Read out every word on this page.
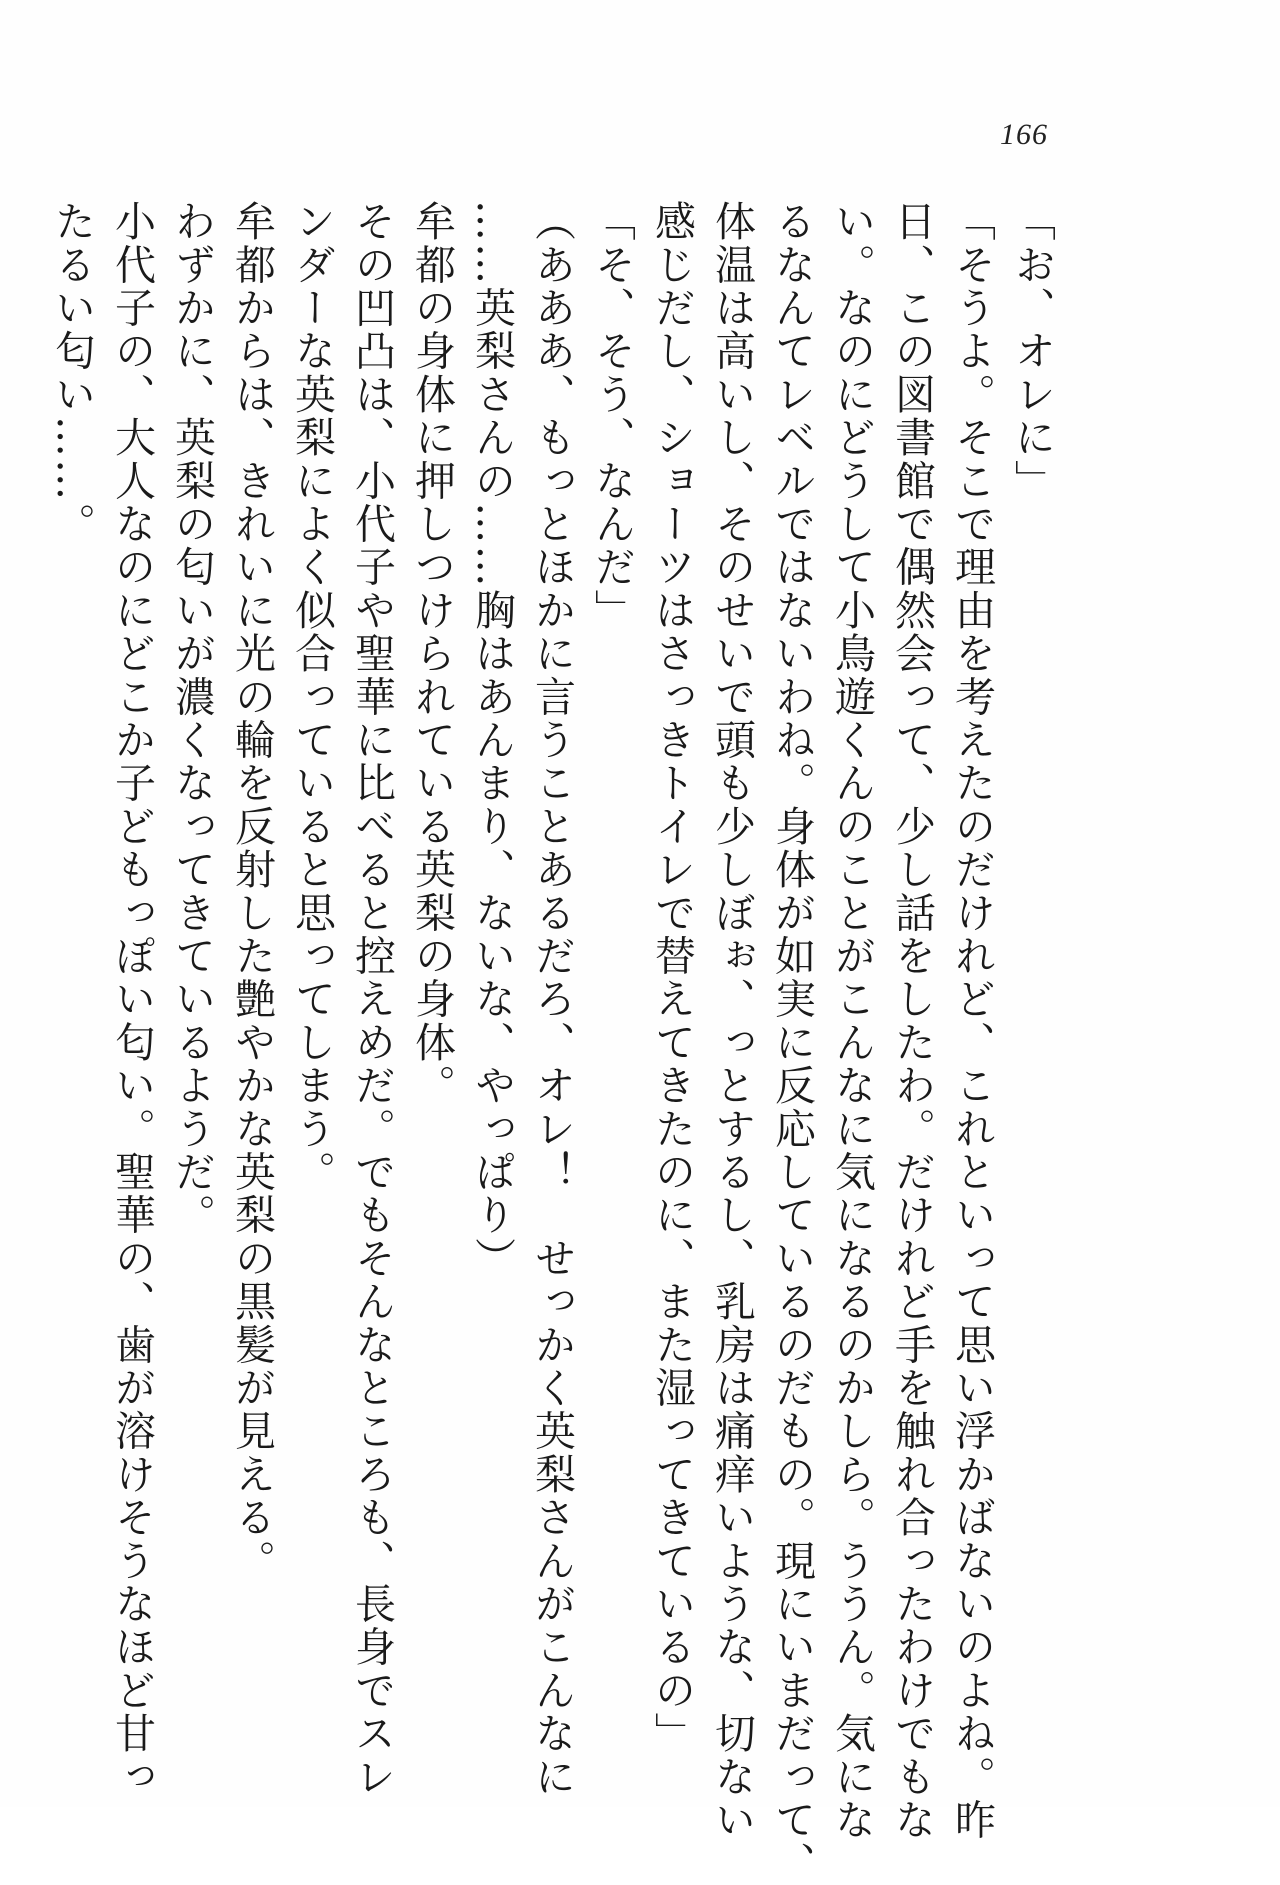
166
「お、オレに」
「そうよ。そこで理由を考えたのだけれど、これといって思い浮かばないのよね。昨
日、この図書館で偶然会って、少し話をしたわ。だけれど手を触れ合ったわけでもな
い。なのにどうして小鳥遊くんのことがこんなに気になるのかしら。ううん。気にな
るなんてレベルではないわね。身体が如実に反応しているのだもの。現にいまだって、
体温は高いし、そのせいで頭も少しぼぉ、っとするし、乳房は痛痒いような、切ない
感じだし、ショーツはさっきトイレで替えてきたのに、また湿ってきているの」
「そ、そう、なんだ」
（あああ、もっとほかに言うことあるだろ、オレ！　せっかく英梨さんがこんなに
……英梨さんの……胸はあんまり、ないな、やっぱり）
牟都の身体に押しつけられている英梨の身体。
その凹凸は、小代子や聖華に比べると控えめだ。でもそんなところも、長身でスレ
ンダーな英梨によく似合っていると思ってしまう。
牟都からは、きれいに光の輪を反射した艶やかな英梨の黒髪が見える。
わずかに、英梨の匂いが濃くなってきているようだ。
小代子の、大人なのにどこか子どもっぽい匂い。聖華の、歯が溶けそうなほど甘っ
たるい匂い……。
